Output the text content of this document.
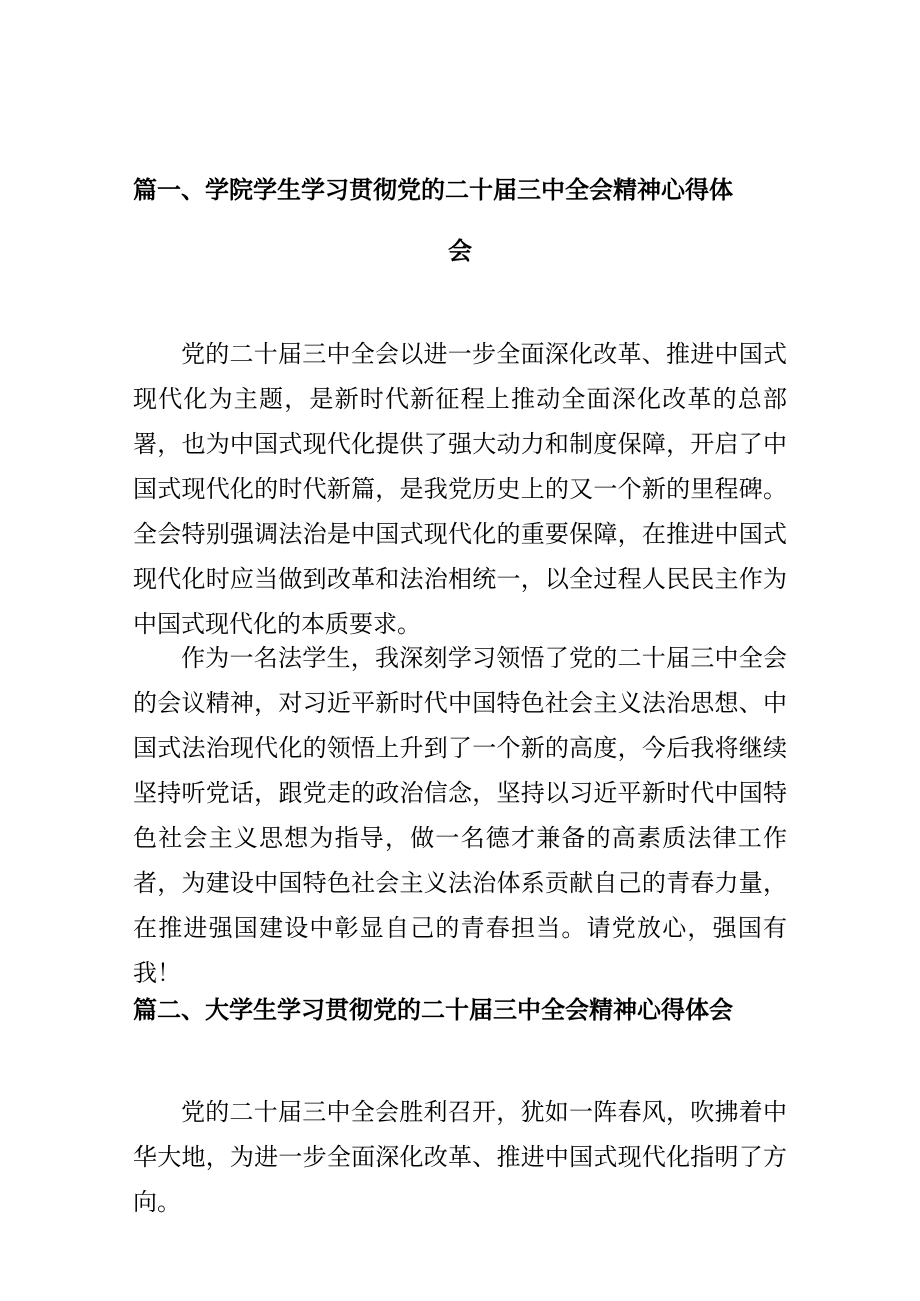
篇一、学院学生学习贯彻党的二十届三中全会精神心得体
会
党的二十届三中全会以进一步全面深化改革、推进中国式现代化为主题，是新时代新征程上推动全面深化改革的总部署，也为中国式现代化提供了强大动力和制度保障，开启了中国式现代化的时代新篇，是我党历史上的又一个新的里程碑。全会特别强调法治是中国式现代化的重要保障，在推进中国式现代化时应当做到改革和法治相统一，以全过程人民民主作为中国式现代化的本质要求。
作为一名法学生，我深刻学习领悟了党的二十届三中全会的会议精神，对习近平新时代中国特色社会主义法治思想、中国式法治现代化的领悟上升到了一个新的高度，今后我将继续坚持听党话，跟党走的政治信念，坚持以习近平新时代中国特色社会主义思想为指导，做一名德才兼备的高素质法律工作者，为建设中国特色社会主义法治体系贡献自己的青春力量，在推进强国建设中彰显自己的青春担当。请党放心，强国有我！
篇二、大学生学习贯彻党的二十届三中全会精神心得体会
党的二十届三中全会胜利召开，犹如一阵春风，吹拂着中华大地，为进一步全面深化改革、推进中国式现代化指明了方向。
